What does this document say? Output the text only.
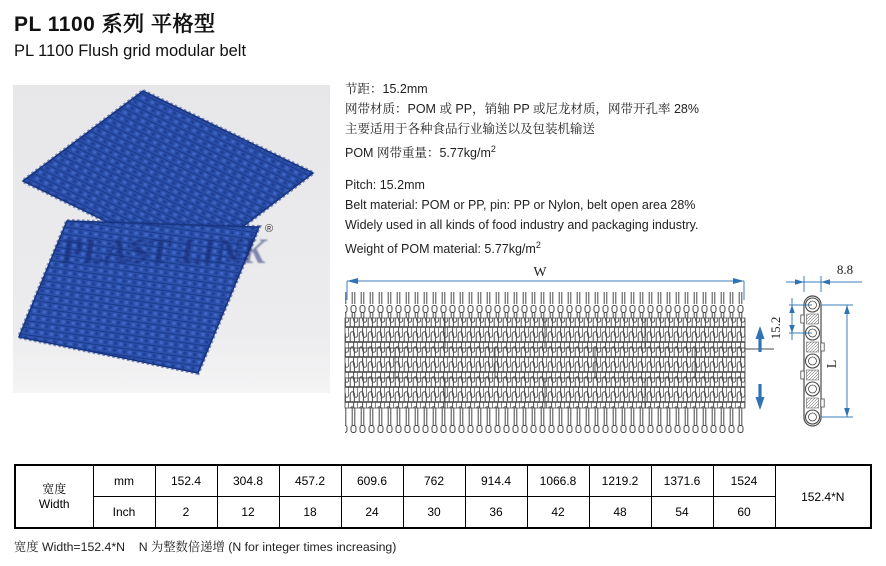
PL 1100 系列 平格型
PL 1100 Flush grid modular belt
PLAST LINK
®

节距：15.2mm

网带材质：POM 或 PP，销轴 PP 或尼龙材质，网带开孔率 28%

主要适用于各种食品行业输送以及包装机输送

POM 网带重量：$5.77kg/m^2$

Pitch: 15.2mm

Belt material: POM or PP, pin: PP or Nylon, belt open area 28%

Widely used in all kinds of food industry and packaging industry.

Weight of POM material: $5.77kg/m^2$

W	8.8
15.2
L
宽度
Width	mm	152.4	304.8	457.2	609.6	762	914.4	1066.8	1219.2	1371.6	1524	152.4*N
	Inch	2	12	18	24	30	36	42	48	54	60	

宽度 Width=152.4*N    N 为整数倍递增 (N for integer times increasing)
